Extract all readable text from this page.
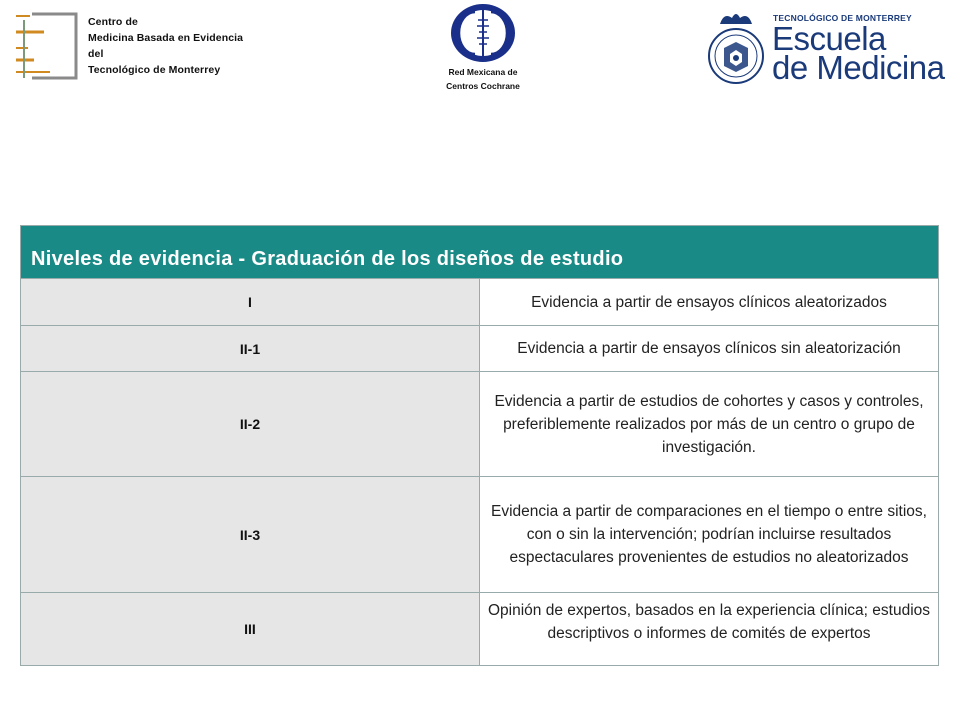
Centro de
Medicina Basada en Evidencia
del
Tecnológico de Monterrey	Red Mexicana de
Centros Cochrane
TECNOLÓGICO DE MONTERREY
Escuela
de Medicina
Niveles de evidencia - Graduación de los diseños de estudio	
I	Evidencia a partir de ensayos clínicos aleatorizados
II-1	Evidencia a partir de ensayos clínicos sin aleatorización
II-2	Evidencia a partir de estudios de cohortes y casos y controles, preferiblemente realizados por más de un centro o grupo de investigación.
II-3	Evidencia a partir de comparaciones en el tiempo o entre sitios, con o sin la intervención; podrían incluirse resultados espectaculares provenientes de estudios no aleatorizados
III	Opinión de expertos, basados en la experiencia clínica; estudios descriptivos o informes de comités de expertos
